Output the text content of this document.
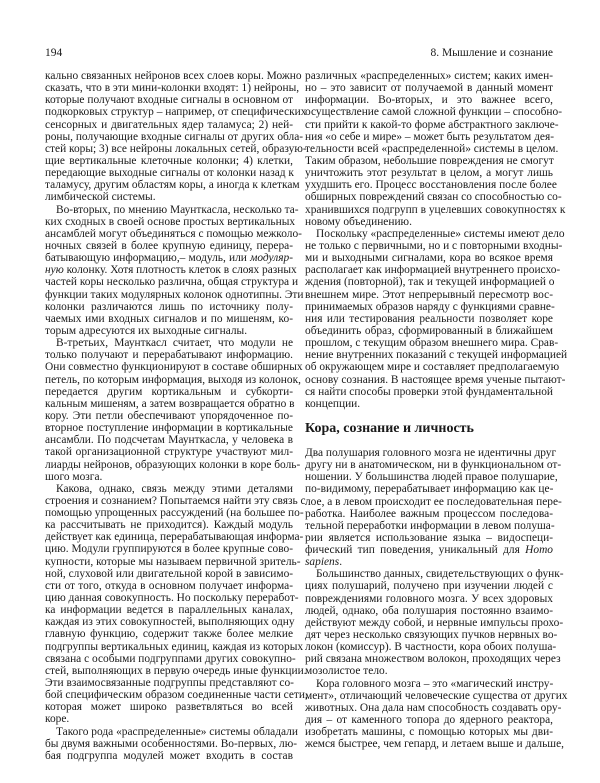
194	8. Мышление и сознание
кально связанных нейронов всех слоев коры. Можно
сказать, что в эти мини-колонки входят: 1) нейроны,
которые получают входные сигналы в основном от
подкорковых структур – например, от специфических
сенсорных и двигательных ядер таламуса; 2) ней-
роны, получающие входные сигналы от других обла-
стей коры; 3) все нейроны локальных сетей, образую-
щие вертикальные клеточные колонки; 4) клетки,
передающие выходные сигналы от колонки назад к
таламусу, другим областям коры, а иногда к клеткам
лимбической системы.
Во-вторых, по мнению Маунткасла, несколько та-
ких сходных в своей основе простых вертикальных
ансамблей могут объединяться с помощью межколо-
ночных связей в более крупную единицу, перера-
батывающую информацию,– модуль, или модуляр-
ную колонку. Хотя плотность клеток в слоях разных
частей коры несколько различна, общая структура и
функции таких модулярных колонок однотипны. Эти
колонки различаются лишь по источнику полу-
чаемых ими входных сигналов и по мишеням, ко-
торым адресуются их выходные сигналы.
В-третьих, Маунткасл считает, что модули не
только получают и перерабатывают информацию.
Они совместно функционируют в составе обширных
петель, по которым информация, выходя из колонок,
передается другим кортикальным и субкорти-
кальным мишеням, а затем возвращается обратно в
кору. Эти петли обеспечивают упорядоченное по-
вторное поступление информации в кортикальные
ансамбли. По подсчетам Маунткасла, у человека в
такой организационной структуре участвуют мил-
лиарды нейронов, образующих колонки в коре боль-
шого мозга.
Какова, однако, связь между этими деталями
строения и сознанием? Попытаемся найти эту связь с
помощью упрощенных рассуждений (на большее по-
ка рассчитывать не приходится). Каждый модуль
действует как единица, перерабатывающая информа-
цию. Модули группируются в более крупные сово-
купности, которые мы называем первичной зритель-
ной, слуховой или двигательной корой в зависимо-
сти от того, откуда в основном получает информа-
цию данная совокупность. Но поскольку переработ-
ка информации ведется в параллельных каналах,
каждая из этих совокупностей, выполняющих одну
главную функцию, содержит также более мелкие
подгруппы вертикальных единиц, каждая из которых
связана с особыми подгруппами других совокупно-
стей, выполняющих в первую очередь иные функции.
Эти взаимосвязанные подгруппы представляют со-
бой специфическим образом соединенные части сети,
которая может широко разветвляться во всей
коре.
Такого рода «распределенные» системы обладали
бы двумя важными особенностями. Во-первых, лю-
бая подгруппа модулей может входить в состав
различных «распределенных» систем; каких имен-
но – это зависит от получаемой в данный момент
информации. Во-вторых, и это важнее всего,
осуществление самой сложной функции – способно-
сти прийти к какой-то форме абстрактного заключе-
ния «о себе и мире» – может быть результатом дея-
тельности всей «распределенной» системы в целом.
Таким образом, небольшие повреждения не смогут
уничтожить этот результат в целом, а могут лишь
ухудшить его. Процесс восстановления после более
обширных повреждений связан со способностью со-
хранившихся подгрупп в уцелевших совокупностях к
новому объединению.
Поскольку «распределенные» системы имеют дело
не только с первичными, но и с повторными входны-
ми и выходными сигналами, кора во всякое время
располагает как информацией внутреннего происхо-
ждения (повторной), так и текущей информацией о
внешнем мире. Этот непрерывный пересмотр вос-
принимаемых образов наряду с функциями сравне-
ния или тестирования реальности позволяет коре
объединить образ, сформированный в ближайшем
прошлом, с текущим образом внешнего мира. Срав-
нение внутренних показаний с текущей информацией
об окружающем мире и составляет предполагаемую
основу сознания. В настоящее время ученые пытают-
ся найти способы проверки этой фундаментальной
концепции.
Кора, сознание и личность
Два полушария головного мозга не идентичны друг
другу ни в анатомическом, ни в функциональном от-
ношении. У большинства людей правое полушарие,
по-видимому, перерабатывает информацию как це-
лое, а в левом происходит ее последовательная пере-
работка. Наиболее важным процессом последова-
тельной переработки информации в левом полуша-
рии является использование языка – видоспеци-
фический тип поведения, уникальный для Homo
sapiens.
Большинство данных, свидетельствующих о функ-
циях полушарий, получено при изучении людей с
повреждениями головного мозга. У всех здоровых
людей, однако, оба полушария постоянно взаимо-
действуют между собой, и нервные импульсы прохо-
дят через несколько связующих пучков нервных во-
локон (комиссур). В частности, кора обоих полуша-
рий связана множеством волокон, проходящих через
мозолистое тело.
Кора головного мозга – это «магический инстру-
мент», отличающий человеческие существа от других
животных. Она дала нам способность создавать ору-
дия – от каменного топора до ядерного реактора,
изобретать машины, с помощью которых мы дви-
жемся быстрее, чем гепард, и летаем выше и дальше,
